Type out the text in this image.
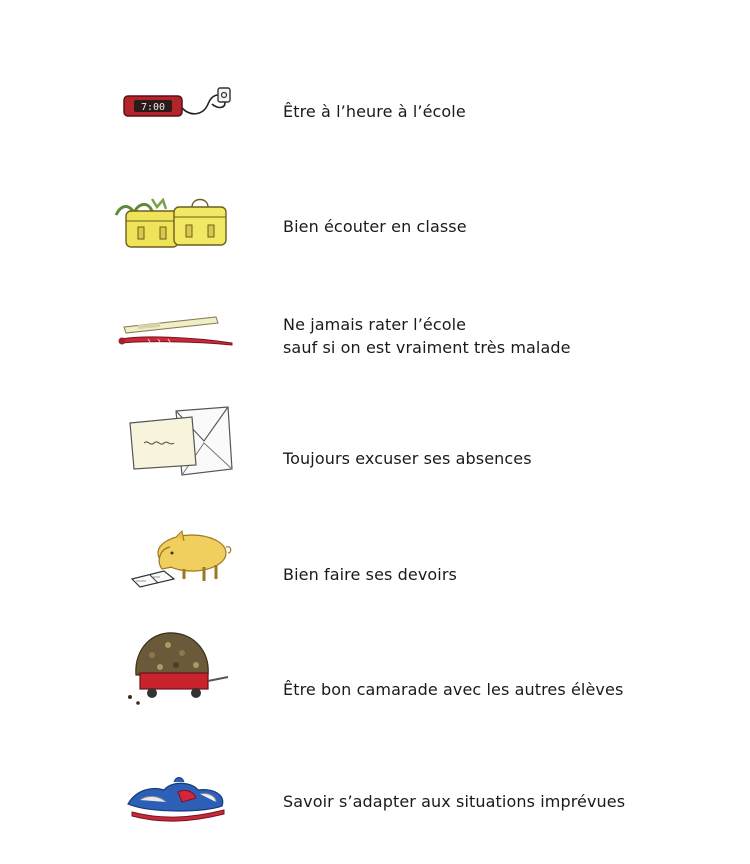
7:00	Être à l’heure à l’école
Bien écouter en classe
Ne jamais rater l’école
sauf si on est vraiment très malade
Toujours excuser ses absences
Bien faire ses devoirs
Être bon camarade avec les autres élèves
Savoir s’adapter aux situations imprévues
